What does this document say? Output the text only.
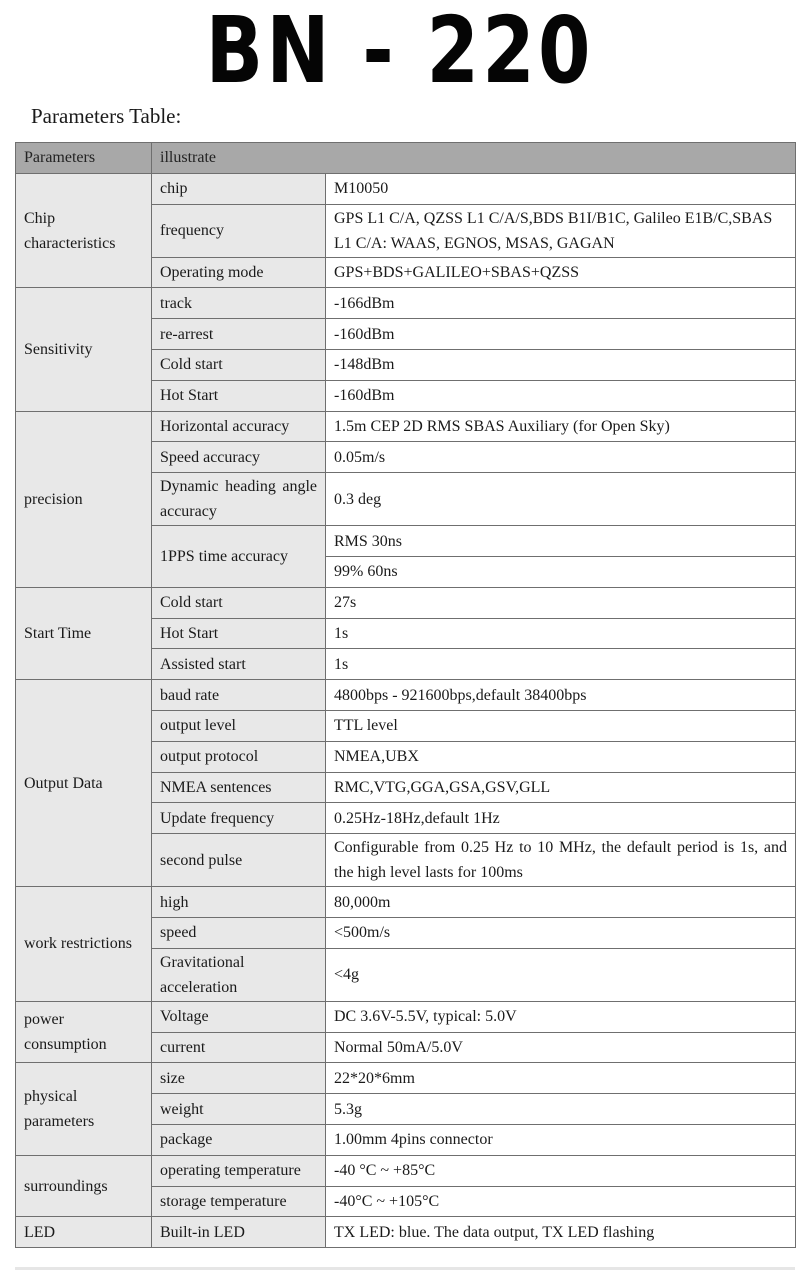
BN - 220
Parameters Table:
Parameters	illustrate	
Chip characteristics	chip	M10050
	frequency	GPS L1 C/A, QZSS L1 C/A/S,BDS B1I/B1C, Galileo E1B/C,SBAS L1 C/A: WAAS, EGNOS, MSAS, GAGAN
	Operating mode	GPS+BDS+GALILEO+SBAS+QZSS
Sensitivity	track	-166dBm
	re-arrest	-160dBm
	Cold start	-148dBm
	Hot Start	-160dBm
precision	Horizontal accuracy	1.5m CEP 2D RMS SBAS Auxiliary (for Open Sky)
	Speed accuracy	0.05m/s

	Dynamic heading angle accuracy	0.3 deg
	1PPS time accuracy	RMS 30ns
		99% 60ns
Start Time	Cold start	27s
	Hot Start	1s
	Assisted start	1s
Output Data	baud rate	4800bps - 921600bps,default 38400bps
	output level	TTL level
	output protocol	NMEA,UBX
	NMEA sentences	RMC,VTG,GGA,GSA,GSV,GLL
	Update frequency	0.25Hz-18Hz,default 1Hz
	second pulse	Configurable from 0.25 Hz to 10 MHz, the default period is 1s, and the high level lasts for 100ms

work restrictions	high	80,000m
	speed	<500m/s
	Gravitational acceleration	<4g
power consumption	Voltage	DC 3.6V-5.5V, typical: 5.0V
	current	Normal 50mA/5.0V
physical parameters	size	22*20*6mm
	weight	5.3g
	package	1.00mm 4pins connector
surroundings	operating temperature	-40 °C ~ +85°C
	storage temperature	-40°C ~ +105°C
LED	Built-in LED	TX LED: blue. The data output, TX LED flashing
